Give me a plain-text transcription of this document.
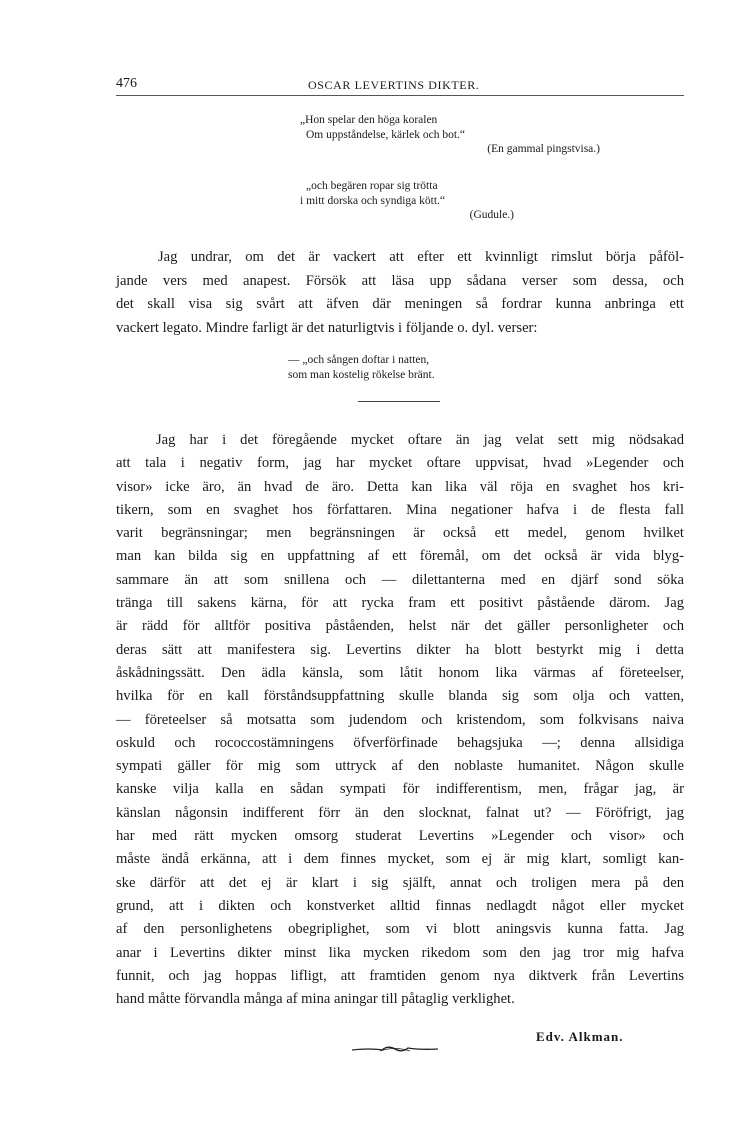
476	OSCAR LEVERTINS DIKTER.
„Hon spelar den höga koralen
Om uppståndelse, kärlek och bot.“
(En gammal pingstvisa.)
„och begären ropar sig trötta
i mitt dorska och syndiga kött.“
(Gudule.)
Jag undrar, om det är vackert att efter ett kvinnligt rimslut börja påföl-
jande vers med anapest. Försök att läsa upp sådana verser som dessa, och
det skall visa sig svårt att äfven där meningen så fordrar kunna anbringa ett
vackert legato. Mindre farligt är det naturligtvis i följande o. dyl. verser:
— „och sången doftar i natten,
som man kostelig rökelse bränt.
Jag har i det föregående mycket oftare än jag velat sett mig nödsakad
att tala i negativ form, jag har mycket oftare uppvisat, hvad »Legender och
visor» icke äro, än hvad de äro. Detta kan lika väl röja en svaghet hos kri-
tikern, som en svaghet hos författaren. Mina negationer hafva i de flesta fall
varit begränsningar; men begränsningen är också ett medel, genom hvilket
man kan bilda sig en uppfattning af ett föremål, om det också är vida blyg-
sammare än att som snillena och — dilettanterna med en djärf sond söka
tränga till sakens kärna, för att rycka fram ett positivt påstående därom. Jag
är rädd för alltför positiva påståenden, helst när det gäller personligheter och
deras sätt att manifestera sig. Levertins dikter ha blott bestyrkt mig i detta
åskådningssätt. Den ädla känsla, som låtit honom lika värmas af företeelser,
hvilka för en kall förståndsuppfattning skulle blanda sig som olja och vatten,
— företeelser så motsatta som judendom och kristendom, som folkvisans naiva
oskuld och rococcostämningens öfverförfinade behagsjuka —; denna allsidiga
sympati gäller för mig som uttryck af den noblaste humanitet. Någon skulle
kanske vilja kalla en sådan sympati för indifferentism, men, frågar jag, är
känslan någonsin indifferent förr än den slocknat, falnat ut? — Föröfrigt, jag
har med rätt mycken omsorg studerat Levertins »Legender och visor» och
måste ändå erkänna, att i dem finnes mycket, som ej är mig klart, somligt kan-
ske därför att det ej är klart i sig själft, annat och troligen mera på den
grund, att i dikten och konstverket alltid finnas nedlagdt något eller mycket
af den personlighetens obegriplighet, som vi blott aningsvis kunna fatta. Jag
anar i Levertins dikter minst lika mycken rikedom som den jag tror mig hafva
funnit, och jag hoppas lifligt, att framtiden genom nya diktverk från Levertins
hand måtte förvandla många af mina aningar till påtaglig verklighet.
Edv. Alkman.
